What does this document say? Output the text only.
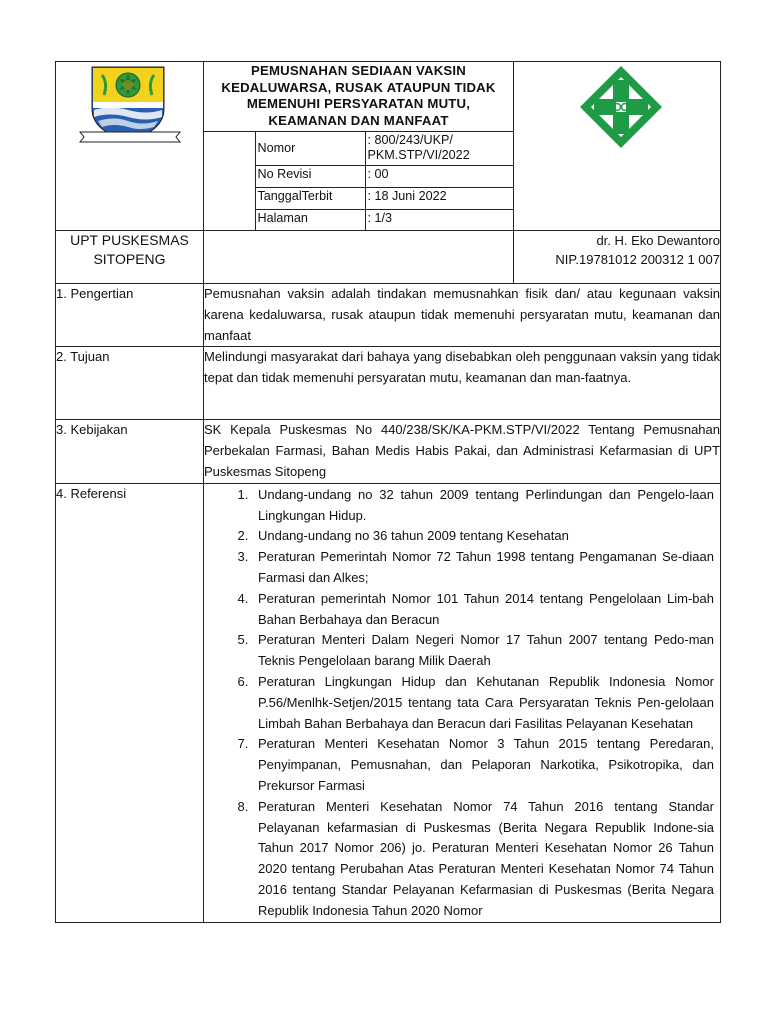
PEMUSNAHAN SEDIAAN VAKSIN KEDALUWARSA, RUSAK ATAUPUN TIDAK MEMENUHI PERSYARATAN MUTU, KEAMANAN DAN MANFAAT
	Nomor	: 800/243/UKP/ PKM.STP/VI/2022
No Revisi	: 00
TanggalTerbit	: 18 Juni 2022
Halaman	: 1/3

UPT PUSKESMAS SITOPENG		
dr. H. Eko Dewantoro
NIP.19781012 200312 1 007

1. Pengertian	Pemusnahan vaksin adalah tindakan memusnahkan fisik dan/ atau kegunaan vaksin karena kedaluwarsa, rusak ataupun tidak memenuhi persyaratan mutu, keamanan dan manfaat
2. Tujuan	Melindungi masyarakat dari bahaya yang disebabkan oleh penggunaan vaksin yang tidak tepat dan tidak memenuhi persyaratan mutu, keamanan dan man-faatnya.
3. Kebijakan	SK Kepala Puskesmas No 440/238/SK/KA-PKM.STP/VI/2022 Tentang Pemusnahan Perbekalan Farmasi, Bahan Medis Habis Pakai, dan Administrasi Kefarmasian di UPT Puskesmas Sitopeng
4. Referensi	
1.Undang-undang no 32 tahun 2009 tentang Perlindungan dan Pengelo-laan Lingkungan Hidup.
2. Undang-undang no 36 tahun 2009 tentang Kesehatan
3. Peraturan Pemerintah Nomor 72 Tahun 1998 tentang Pengamanan Se-diaan Farmasi dan Alkes;
4. Peraturan pemerintah Nomor 101 Tahun 2014 tentang Pengelolaan Lim-bah Bahan Berbahaya dan Beracun
5. Peraturan Menteri Dalam Negeri Nomor 17 Tahun 2007 tentang Pedo-man Teknis Pengelolaan barang Milik Daerah
6. Peraturan Lingkungan Hidup dan Kehutanan Republik Indonesia Nomor P.56/Menlhk-Setjen/2015 tentang tata Cara Persyaratan Teknis Pen-gelolaan Limbah Bahan Berbahaya dan Beracun dari Fasilitas Pelayanan Kesehatan
7. Peraturan Menteri Kesehatan Nomor 3 Tahun 2015 tentang Peredaran, Penyimpanan, Pemusnahan, dan Pelaporan Narkotika, Psikotropika, dan Prekursor Farmasi
8. Peraturan Menteri Kesehatan Nomor 74 Tahun 2016 tentang Standar Pelayanan kefarmasian di Puskesmas (Berita Negara Republik Indone-sia Tahun 2017 Nomor 206) jo. Peraturan Menteri Kesehatan Nomor 26 Tahun 2020 tentang Perubahan Atas Peraturan Menteri Kesehatan Nomor 74 Tahun 2016 tentang Standar Pelayanan Kefarmasian di Puskesmas (Berita Negara Republik Indonesia Tahun 2020 Nomor
